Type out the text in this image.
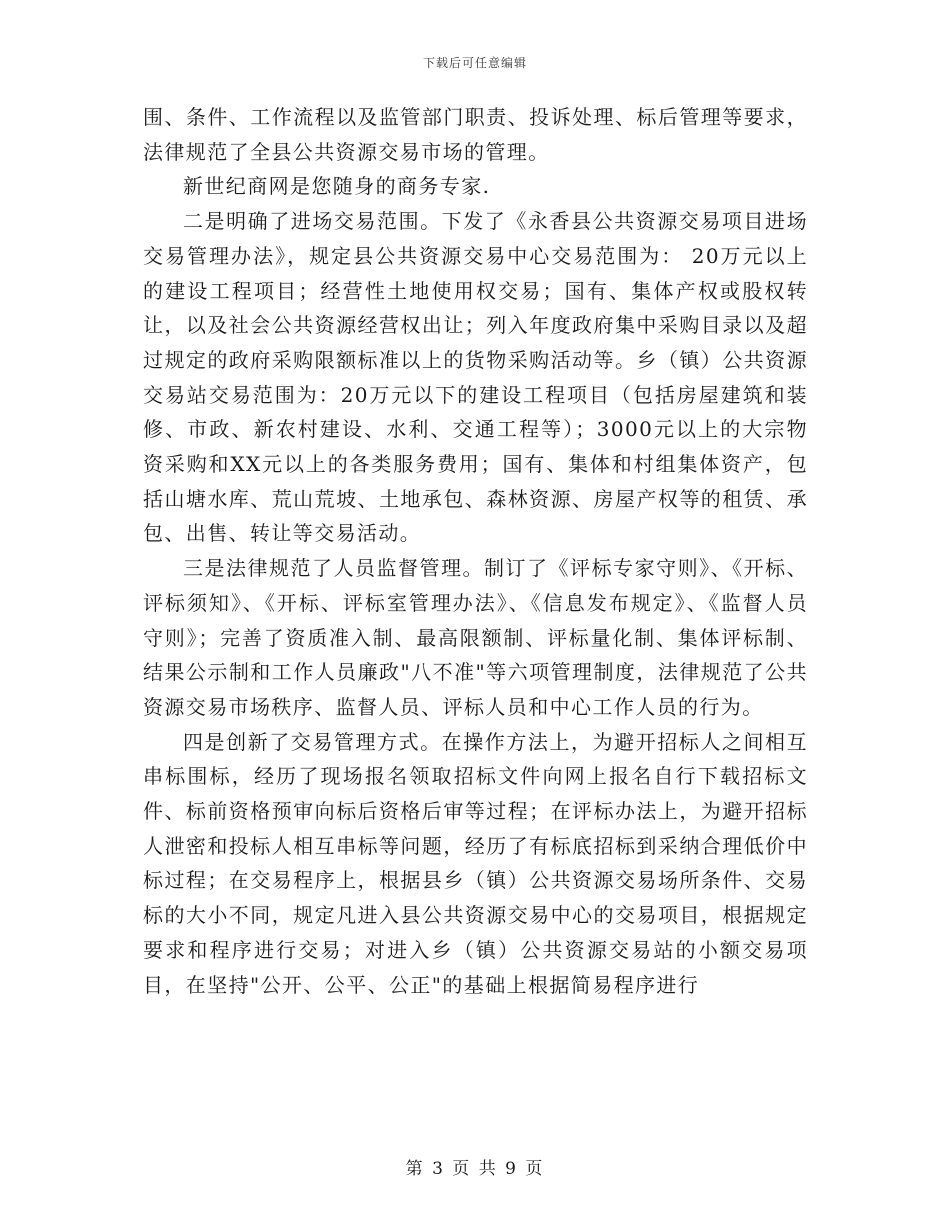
下载后可任意编辑

围、条件、工作流程以及监管部门职责、投诉处理、标后管理等要求，法律规范了全县公共资源交易市场的管理。

新世纪商网是您随身的商务专家.

二是明确了进场交易范围。下发了《永香县公共资源交易项目进场交易管理办法》，规定县公共资源交易中心交易范围为： 20万元以上的建设工程项目；经营性土地使用权交易；国有、集体产权或股权转让，以及社会公共资源经营权出让；列入年度政府集中采购目录以及超过规定的政府采购限额标准以上的货物采购活动等。乡（镇）公共资源交易站交易范围为：20万元以下的建设工程项目（包括房屋建筑和装修、市政、新农村建设、水利、交通工程等）；3000元以上的大宗物资采购和XX元以上的各类服务费用；国有、集体和村组集体资产，包括山塘水库、荒山荒坡、土地承包、森林资源、房屋产权等的租赁、承包、出售、转让等交易活动。

三是法律规范了人员监督管理。制订了《评标专家守则》、《开标、评标须知》、《开标、评标室管理办法》、《信息发布规定》、《监督人员守则》；完善了资质准入制、最高限额制、评标量化制、集体评标制、结果公示制和工作人员廉政"八不准"等六项管理制度，法律规范了公共资源交易市场秩序、监督人员、评标人员和中心工作人员的行为。

四是创新了交易管理方式。在操作方法上，为避开招标人之间相互串标围标，经历了现场报名领取招标文件向网上报名自行下载招标文件、标前资格预审向标后资格后审等过程；在评标办法上，为避开招标人泄密和投标人相互串标等问题，经历了有标底招标到采纳合理低价中标过程；在交易程序上，根据县乡（镇）公共资源交易场所条件、交易标的大小不同，规定凡进入县公共资源交易中心的交易项目，根据规定要求和程序进行交易；对进入乡（镇）公共资源交易站的小额交易项目，在坚持"公开、公平、公正"的基础上根据简易程序进行

第 3 页 共 9 页
